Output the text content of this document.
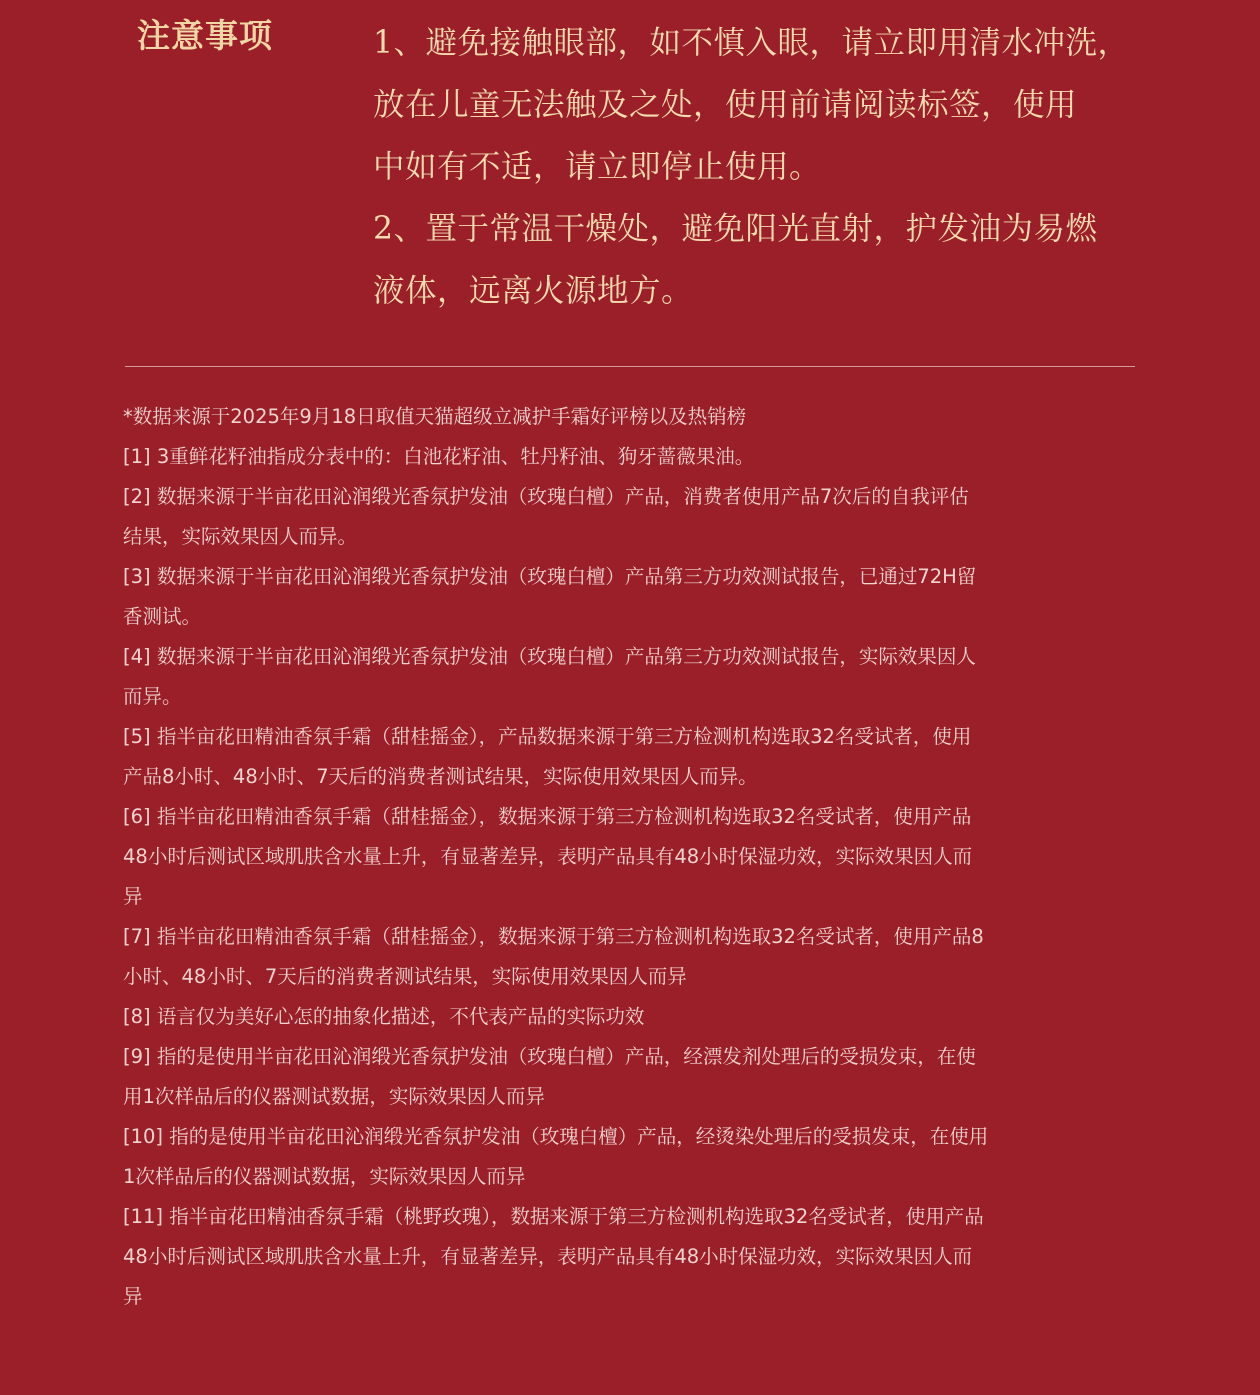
注意事项	1、避免接触眼部，如不慎入眼，请立即用清水冲洗，
放在儿童无法触及之处，使用前请阅读标签，使用
中如有不适，请立即停止使用。
2、置于常温干燥处，避免阳光直射，护发油为易燃
液体，远离火源地方。
*数据来源于2025年9月18日取值天猫超级立减护手霜好评榜以及热销榜
[1] 3重鲜花籽油指成分表中的：白池花籽油、牡丹籽油、狗牙蔷薇果油。
[2] 数据来源于半亩花田沁润缎光香氛护发油（玫瑰白檀）产品，消费者使用产品7次后的自我评估
结果，实际效果因人而异。
[3] 数据来源于半亩花田沁润缎光香氛护发油（玫瑰白檀）产品第三方功效测试报告，已通过72H留
香测试。
[4] 数据来源于半亩花田沁润缎光香氛护发油（玫瑰白檀）产品第三方功效测试报告，实际效果因人
而异。
[5] 指半亩花田精油香氛手霜（甜桂摇金），产品数据来源于第三方检测机构选取32名受试者，使用
产品8小时、48小时、7天后的消费者测试结果，实际使用效果因人而异。
[6] 指半亩花田精油香氛手霜（甜桂摇金），数据来源于第三方检测机构选取32名受试者，使用产品
48小时后测试区域肌肤含水量上升，有显著差异，表明产品具有48小时保湿功效，实际效果因人而
异
[7] 指半亩花田精油香氛手霜（甜桂摇金），数据来源于第三方检测机构选取32名受试者，使用产品8
小时、48小时、7天后的消费者测试结果，实际使用效果因人而异
[8] 语言仅为美好心怎的抽象化描述，不代表产品的实际功效
[9] 指的是使用半亩花田沁润缎光香氛护发油（玫瑰白檀）产品，经漂发剂处理后的受损发束，在使
用1次样品后的仪器测试数据，实际效果因人而异
[10] 指的是使用半亩花田沁润缎光香氛护发油（玫瑰白檀）产品，经烫染处理后的受损发束，在使用
1次样品后的仪器测试数据，实际效果因人而异
[11] 指半亩花田精油香氛手霜（桃野玫瑰），数据来源于第三方检测机构选取32名受试者，使用产品
48小时后测试区域肌肤含水量上升，有显著差异，表明产品具有48小时保湿功效，实际效果因人而
异
